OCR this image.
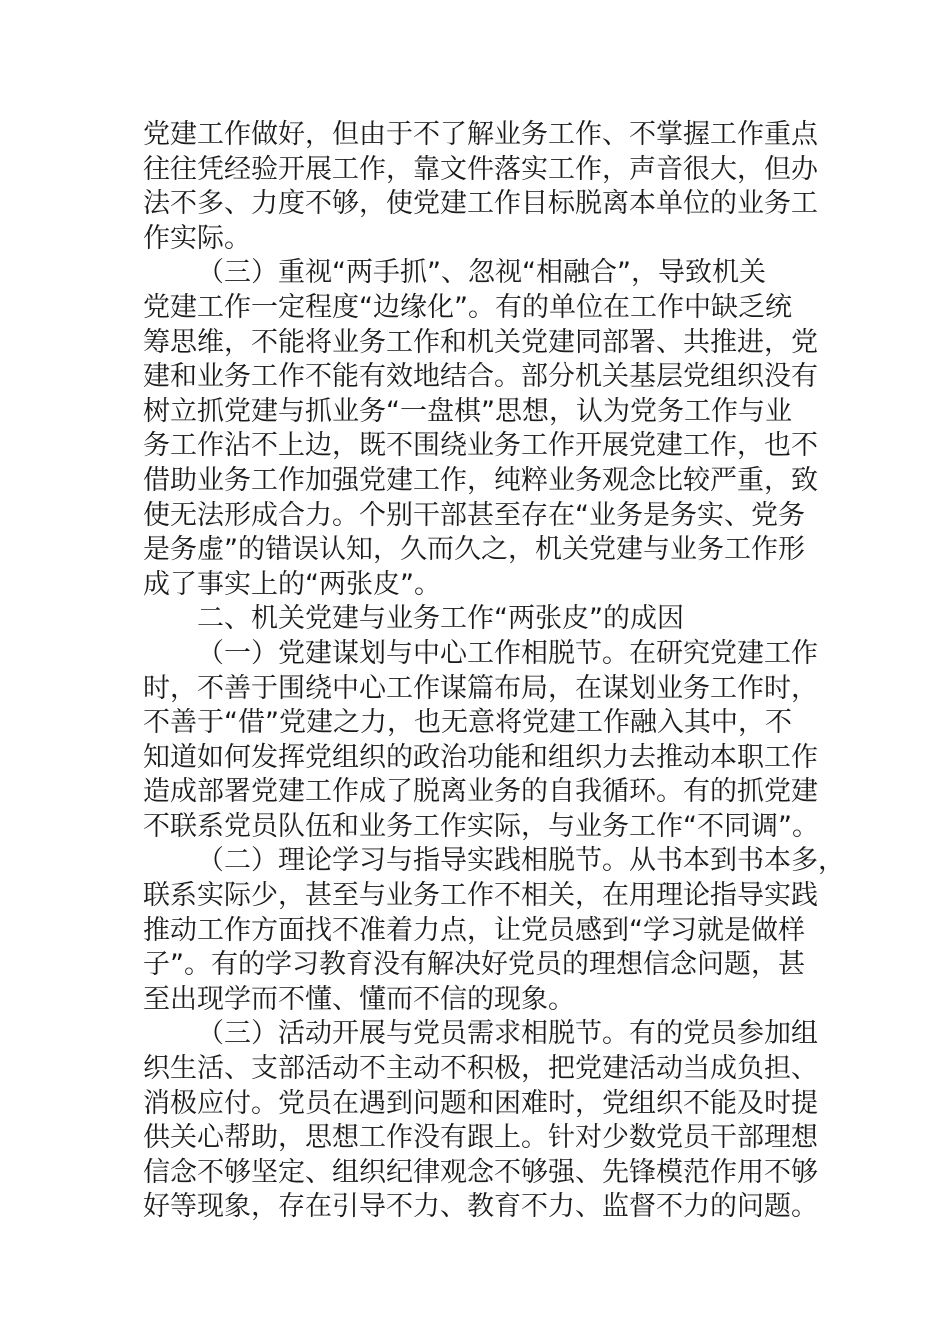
党建工作做好，但由于不了解业务工作、不掌握工作重点
往往凭经验开展工作，靠文件落实工作，声音很大，但办
法不多、力度不够，使党建工作目标脱离本单位的业务工
作实际。
（三）重视“两手抓”、忽视“相融合”，导致机关
党建工作一定程度“边缘化”。有的单位在工作中缺乏统
筹思维，不能将业务工作和机关党建同部署、共推进，党
建和业务工作不能有效地结合。部分机关基层党组织没有
树立抓党建与抓业务“一盘棋”思想，认为党务工作与业
务工作沾不上边，既不围绕业务工作开展党建工作，也不
借助业务工作加强党建工作，纯粹业务观念比较严重，致
使无法形成合力。个别干部甚至存在“业务是务实、党务
是务虚”的错误认知，久而久之，机关党建与业务工作形
成了事实上的“两张皮”。
二、机关党建与业务工作“两张皮”的成因
（一）党建谋划与中心工作相脱节。在研究党建工作
时，不善于围绕中心工作谋篇布局，在谋划业务工作时，
不善于“借”党建之力，也无意将党建工作融入其中，不
知道如何发挥党组织的政治功能和组织力去推动本职工作
造成部署党建工作成了脱离业务的自我循环。有的抓党建
不联系党员队伍和业务工作实际，与业务工作“不同调”。
（二）理论学习与指导实践相脱节。从书本到书本多，
联系实际少，甚至与业务工作不相关，在用理论指导实践
推动工作方面找不准着力点，让党员感到“学习就是做样
子”。有的学习教育没有解决好党员的理想信念问题，甚
至出现学而不懂、懂而不信的现象。
（三）活动开展与党员需求相脱节。有的党员参加组
织生活、支部活动不主动不积极，把党建活动当成负担、
消极应付。党员在遇到问题和困难时，党组织不能及时提
供关心帮助，思想工作没有跟上。针对少数党员干部理想
信念不够坚定、组织纪律观念不够强、先锋模范作用不够
好等现象，存在引导不力、教育不力、监督不力的问题。
